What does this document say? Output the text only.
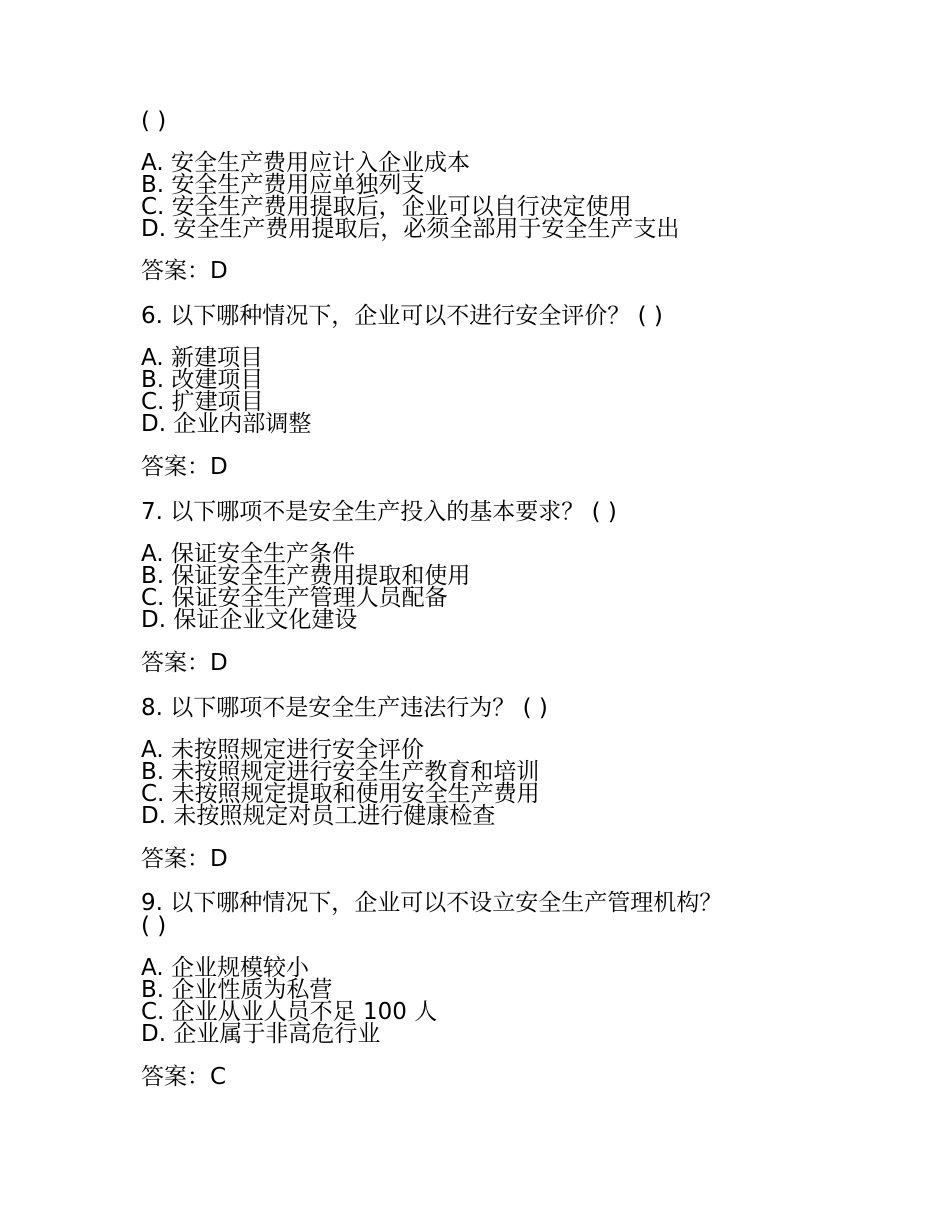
( )

A. 安全生产费用应计入企业成本

B. 安全生产费用应单独列支

C. 安全生产费用提取后，企业可以自行决定使用

D. 安全生产费用提取后，必须全部用于安全生产支出

答案：D

6. 以下哪种情况下，企业可以不进行安全评价？ ( )

A. 新建项目

B. 改建项目

C. 扩建项目

D. 企业内部调整

答案：D

7. 以下哪项不是安全生产投入的基本要求？ ( )

A. 保证安全生产条件

B. 保证安全生产费用提取和使用

C. 保证安全生产管理人员配备

D. 保证企业文化建设

答案：D

8. 以下哪项不是安全生产违法行为？ ( )

A. 未按照规定进行安全评价

B. 未按照规定进行安全生产教育和培训

C. 未按照规定提取和使用安全生产费用

D. 未按照规定对员工进行健康检查

答案：D

9. 以下哪种情况下，企业可以不设立安全生产管理机构？

( )

A. 企业规模较小

B. 企业性质为私营

C. 企业从业人员不足 100 人

D. 企业属于非高危行业

答案：C
